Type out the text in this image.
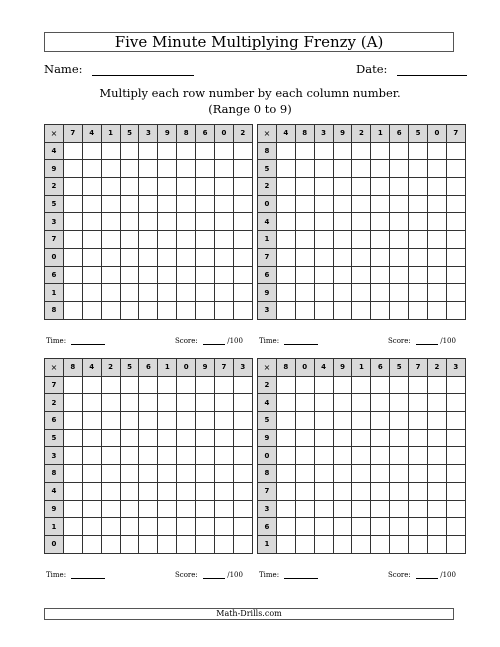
Five Minute Multiplying Frenzy (A)
Name:	Date:
Multiply each row number by each column number.
(Range 0 to 9)
×	7	4	1	5	3	9	8	6	0	2
4										
9										
2										
5										
3										
7										
0										
6										
1										
8										
×	4	8	3	9	2	1	6	5	0	7
8										
5										
2										
0										
4										
1										
7										
6										
9										
3										
×	8	4	2	5	6	1	0	9	7	3
7										
2										
6										
5										
3										
8										
4										
9										
1										
0										
×	8	0	4	9	1	6	5	7	2	3
2										
4										
5										
9										
0										
8										
7										
3										
6										
1										
Time:	Score:	/100 Time:	Score:	/100
Time:	Score:	/100 Time:	Score:	/100
Math-Drills.com
